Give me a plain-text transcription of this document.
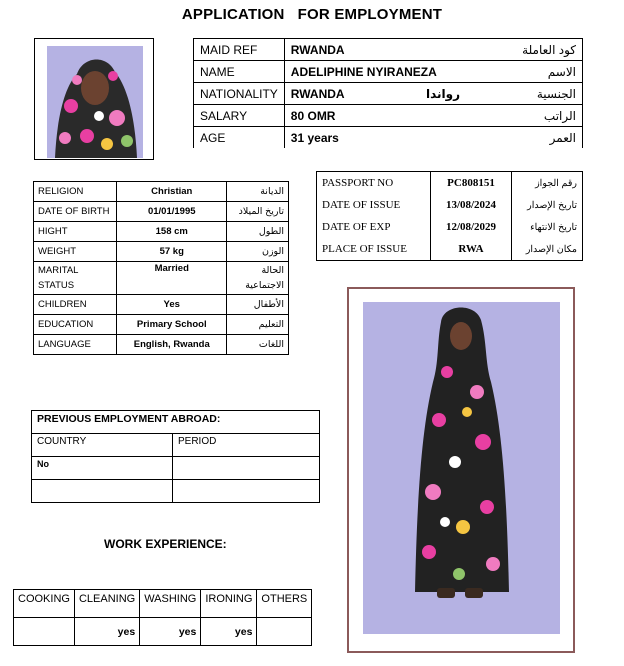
APPLICATION   FOR EMPLOYMENT
MAID REF	RWANDA	كود العاملة
NAME	ADELIPHINE NYIRANEZA	الاسم
NATIONALITY	RWANDA رواندا	الجنسية
SALARY	80 OMR	الراتب
AGE	31 years	العمر
RELIGION	Christian	الديانة
DATE OF BIRTH	01/01/1995	تاريخ الميلاد
HIGHT	158 cm	الطول
WEIGHT	57 kg	الوزن
MARITAL STATUS	Married	الحالة الاجتماعية
CHILDREN	Yes	الأطفال
EDUCATION	Primary School	التعليم
LANGUAGE	English, Rwanda	اللغات
PASSPORT NO	PC808151	رقم الجواز
DATE OF ISSUE	13/08/2024	تاريخ الإصدار
DATE OF EXP	12/08/2029	تاريخ الانتهاء
PLACE OF ISSUE	RWA	مكان الإصدار
PREVIOUS EMPLOYMENT ABROAD:	
COUNTRY	PERIOD
No	

WORK EXPERIENCE:
COOKING	CLEANING	WASHING	IRONING	OTHERS
	yes	yes	yes	
